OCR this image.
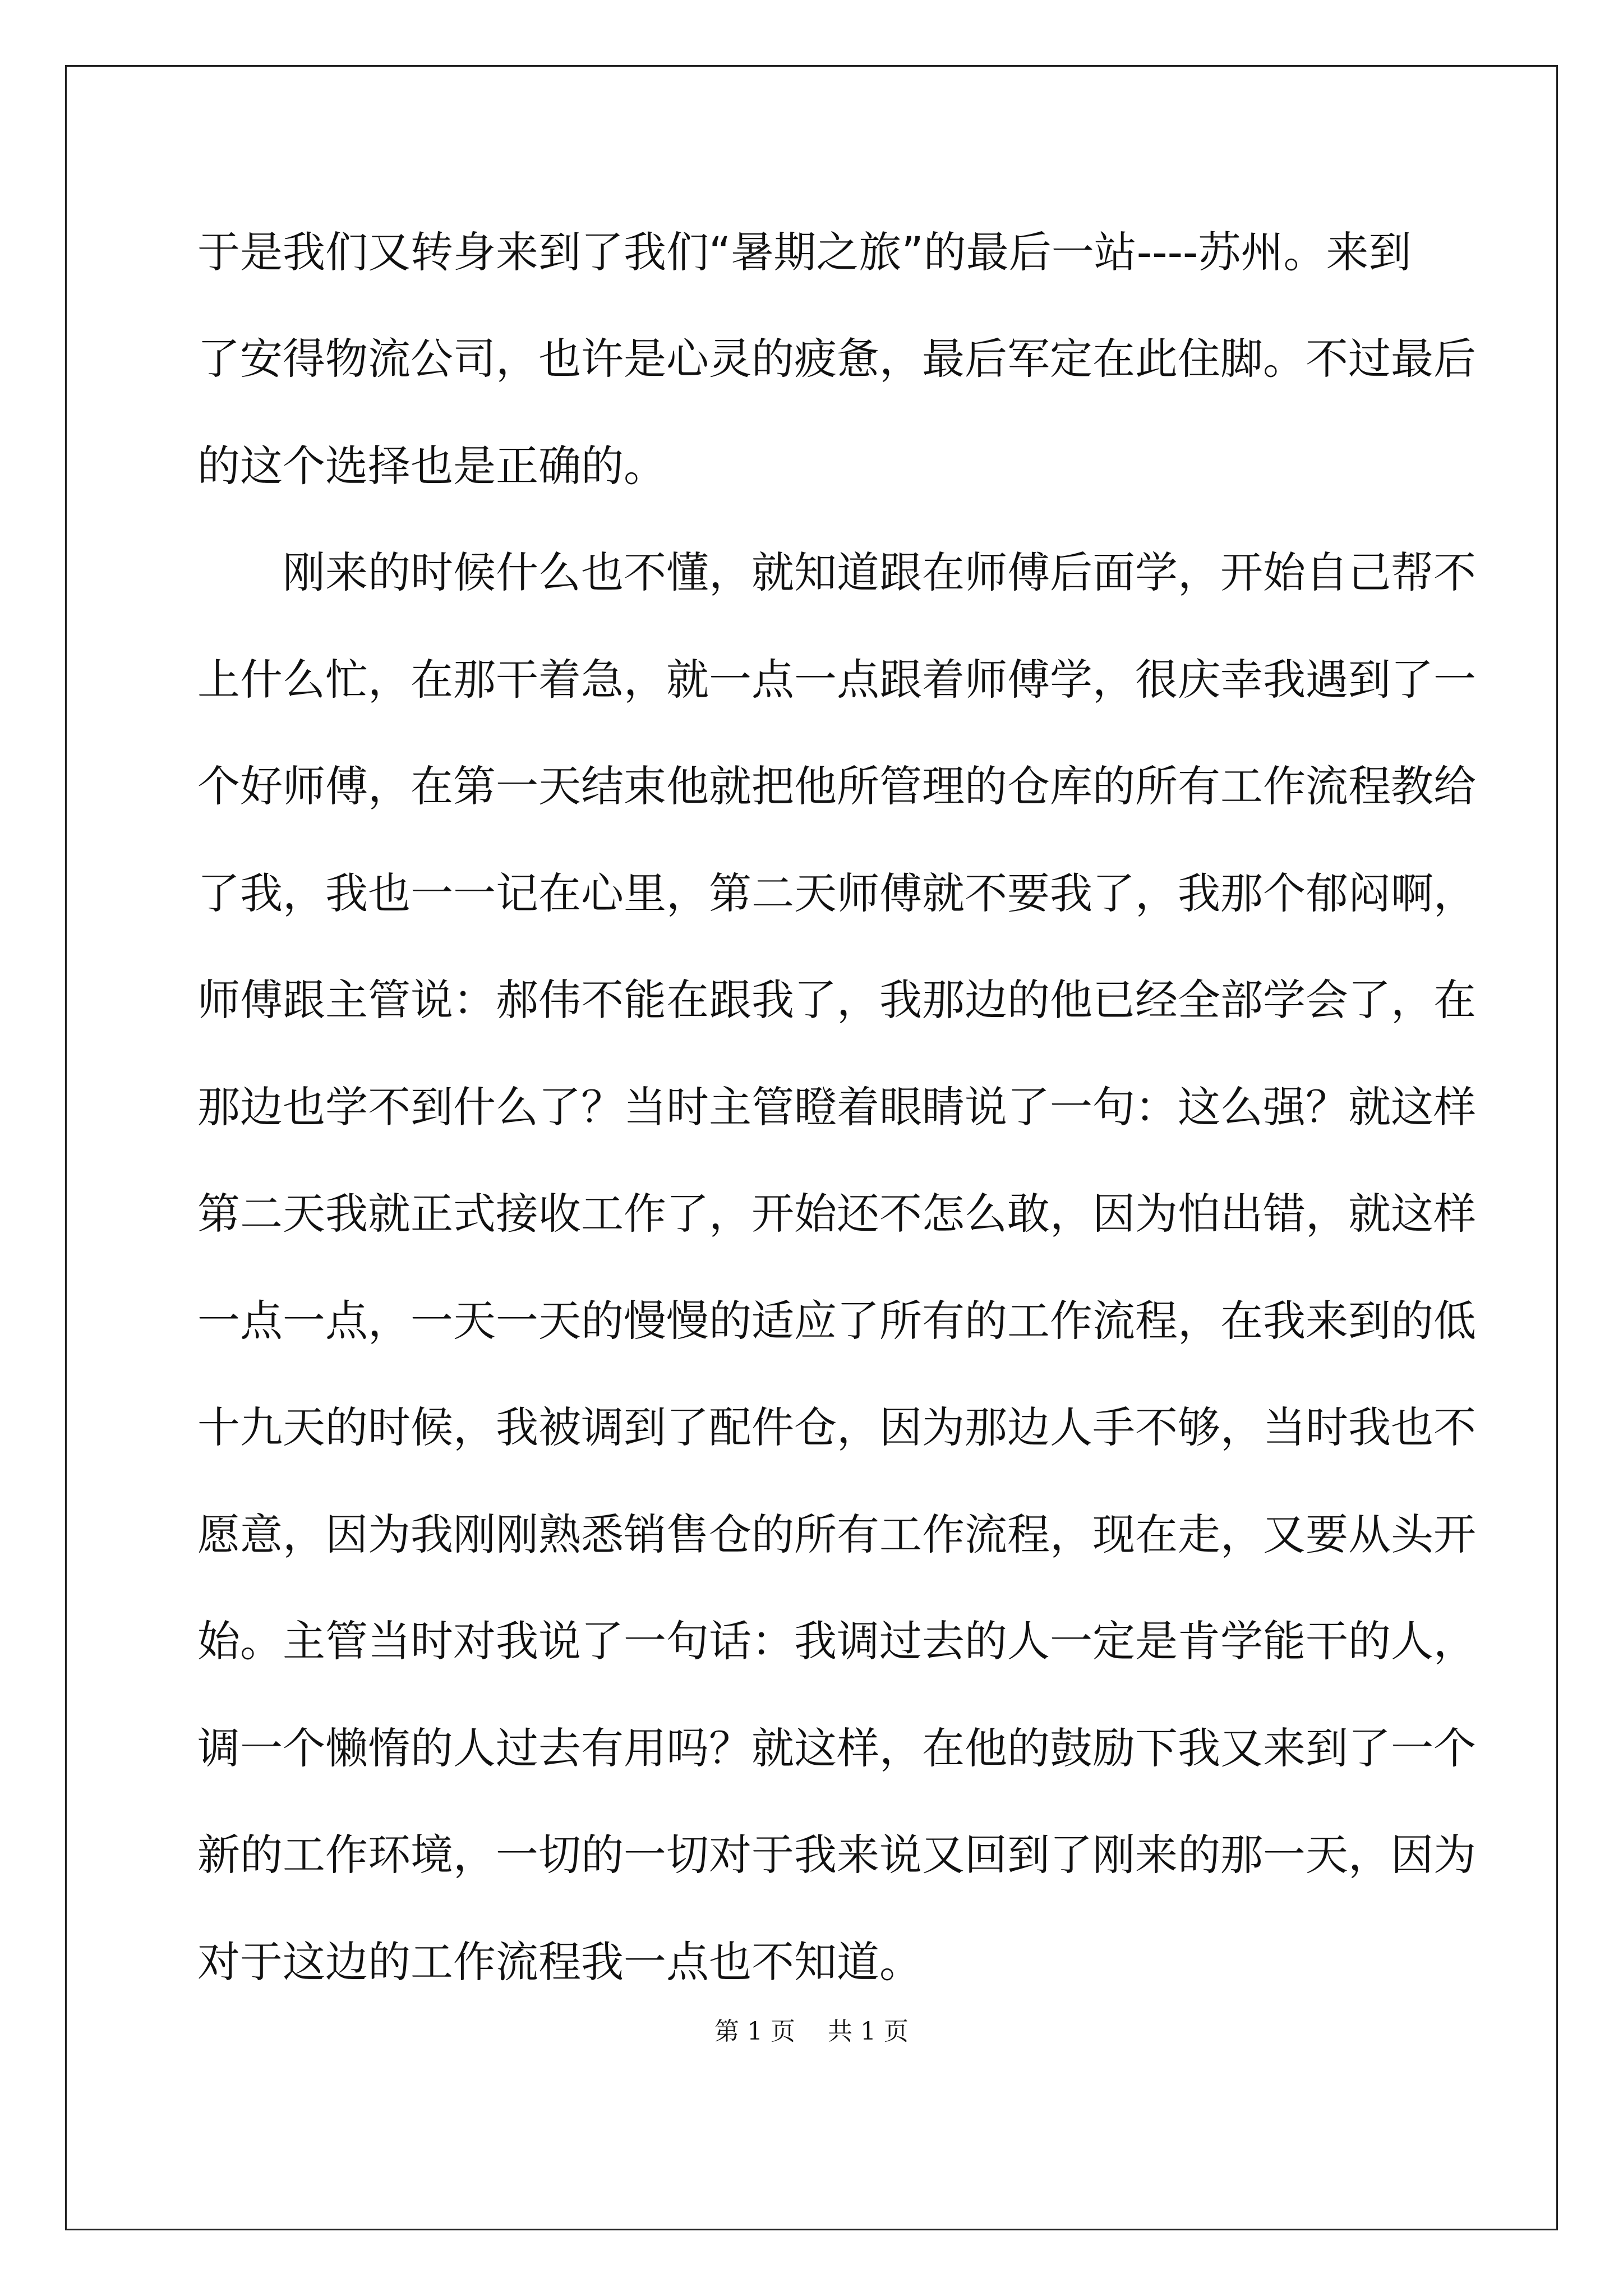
于是我们又转身来到了我们“暑期之旅”的最后一站----苏州。来到
了安得物流公司，也许是心灵的疲惫，最后军定在此住脚。不过最后
的这个选择也是正确的。
　　刚来的时候什么也不懂，就知道跟在师傅后面学，开始自己帮不
上什么忙，在那干着急，就一点一点跟着师傅学，很庆幸我遇到了一
个好师傅，在第一天结束他就把他所管理的仓库的所有工作流程教给
了我，我也一一记在心里，第二天师傅就不要我了，我那个郁闷啊，
师傅跟主管说：郝伟不能在跟我了，我那边的他已经全部学会了，在
那边也学不到什么了？当时主管瞪着眼睛说了一句：这么强？就这样
第二天我就正式接收工作了，开始还不怎么敢，因为怕出错，就这样
一点一点，一天一天的慢慢的适应了所有的工作流程，在我来到的低
十九天的时候，我被调到了配件仓，因为那边人手不够，当时我也不
愿意，因为我刚刚熟悉销售仓的所有工作流程，现在走，又要从头开
始。主管当时对我说了一句话：我调过去的人一定是肯学能干的人，
调一个懒惰的人过去有用吗？就这样，在他的鼓励下我又来到了一个
新的工作环境，一切的一切对于我来说又回到了刚来的那一天，因为
对于这边的工作流程我一点也不知道。
第 1 页　 共 1 页
